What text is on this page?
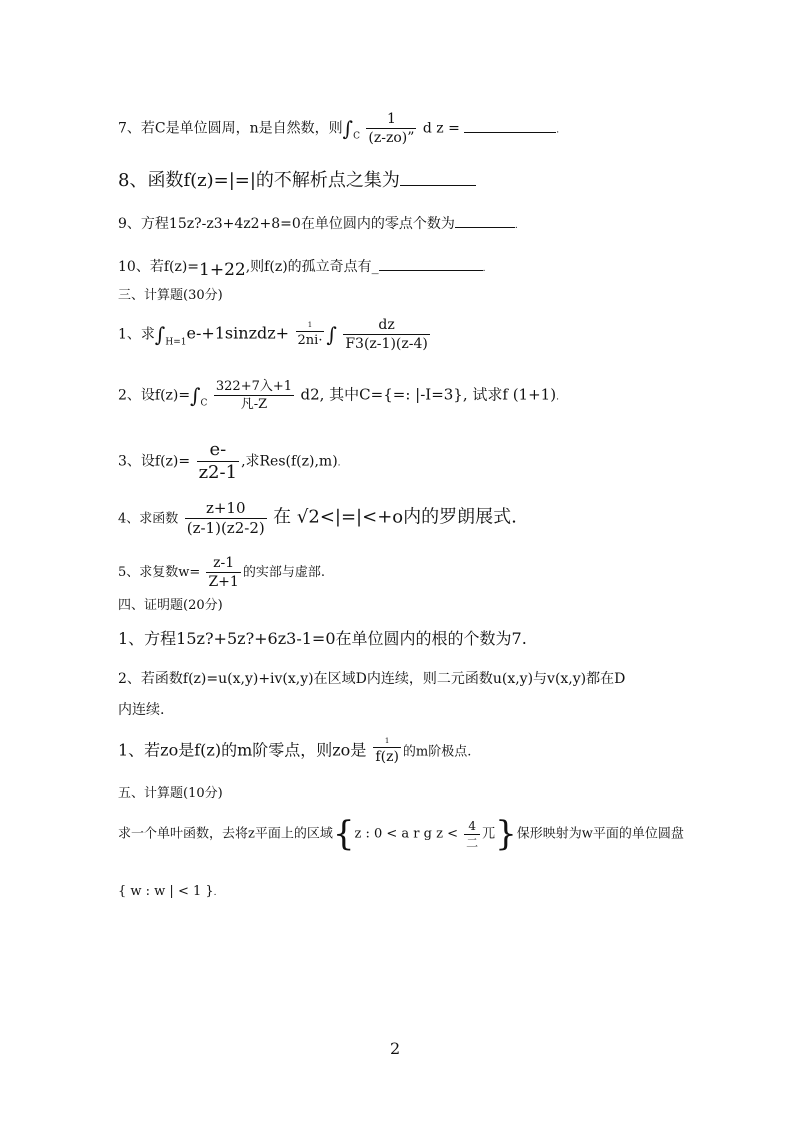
7、若C是单位圆周，n是自然数，则$\int_C \frac{1}{(z-zo)”}$ d z =	.
8、函数f(z)=|=|的不解析点之集为
9、方程15z?-z3+4z2+8=0在单位圆内的零点个数为	.
10、若f(z)=1+22,则f(z)的孤立奇点有_	.
三、计算题(30分)
1、求$\int_{H=1}e-+1sinzdz+ \frac{1}{2ni\cdot}$ ∫ $\frac{dz}{F3(z-1)(z-4)}$
2、设$f(z)=\int_C \frac{\text{322+7入+1}}{\text{凡-Z}} d2$, 其中C={=: |-I=3}, 试求f (1+1).
3、设$f(z)= \frac{e-}{z2-1}$ ,求Res(f(z),m).
4、求函数 $\frac{z+10}{(z-1)(z2-2)}$ 在 √2<|=|<+o内的罗朗展式.
5、求复数$w= \frac{z-1}{Z+1}$ 的实部与虚部.
四、证明题(20分)
1、方程15z?+5z?+6z3-1=0在单位圆内的根的个数为7.
2、若函数f(z)=u(x,y)+iv(x,y)在区域D内连续，则二元函数u(x,y)与v(x,y)都在D
内连续.
1、若zo是f(z)的m阶零点，则zo是 $\frac{1}{f(z)}$ 的m阶极点.
五、计算题(10分)
求一个单叶函数，去将z平面上的区域{z : 0 < a r g $z < \frac{4}{\text{二}}$ 兀}保形映射为w平面的单位圆盘
{ w : w | < 1 }.
2
